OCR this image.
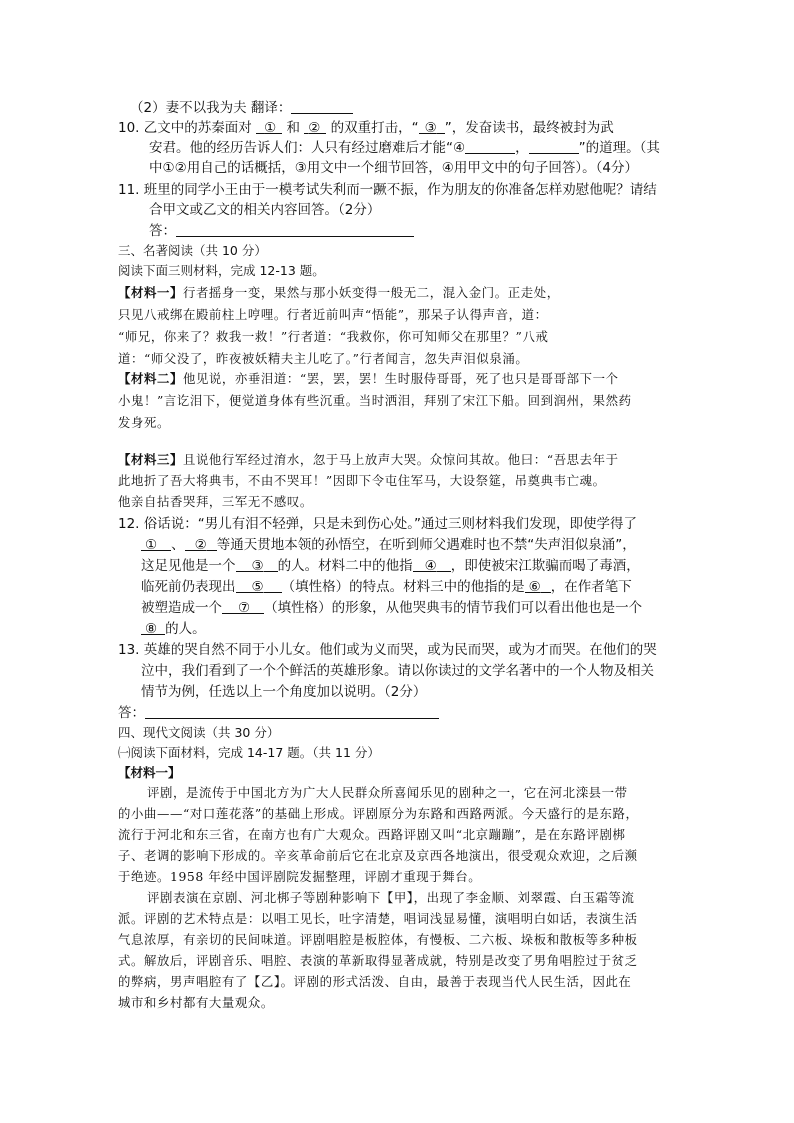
（2）妻不以我为夫 翻译：
10. 乙文中的苏秦面对 ① 和 ② 的双重打击，“ ③ ”，发奋读书，最终被封为武
安君。他的经历告诉人们：人只有经过磨难后才能“④	，	”的道理。（其
中①②用自己的话概括，③用文中一个细节回答，④用甲文中的句子回答）。（4分）
11. 班里的同学小王由于一模考试失利而一蹶不振，作为朋友的你准备怎样劝慰他呢？请结
合甲文或乙文的相关内容回答。（2分）
答：
三、名著阅读（共 10 分）
阅读下面三则材料，完成 12-13 题。
【材料一】行者摇身一变，果然与那小妖变得一般无二，混入金门。正走处，
只见八戒绑在殿前柱上哼哩。行者近前叫声“悟能”，那呆子认得声音，道：
“师兄，你来了？救我一救！”行者道：“我救你，你可知师父在那里？”八戒
道：“师父没了，昨夜被妖精夫主儿吃了。”行者闻言，忽失声泪似泉涌。
【材料二】他见说，亦垂泪道：“罢，罢，罢！生时服侍哥哥，死了也只是哥哥部下一个
小鬼！”言讫泪下，便觉道身体有些沉重。当时洒泪，拜别了宋江下船。回到润州，果然药
发身死。
【材料三】且说他行军经过淯水，忽于马上放声大哭。众惊问其故。他曰：“吾思去年于
此地折了吾大将典韦，不由不哭耳！”因即下令屯住军马，大设祭筵，吊奠典韦亡魂。
他亲自拈香哭拜，三军无不感叹。
12. 俗话说：“男儿有泪不轻弹，只是未到伤心处。”通过三则材料我们发现，即使学得了
① 、 ② 等通天贯地本领的孙悟空，在听到师父遇难时也不禁“失声泪似泉涌”，
这足见他是一个 ③ 的人。材料二中的他指 ④ ，即使被宋江欺骗而喝了毒酒，
临死前仍表现出 ⑤ （填性格）的特点。材料三中的他指的是 ⑥ ，在作者笔下
被塑造成一个 ⑦ （填性格）的形象，从他哭典韦的情节我们可以看出他也是一个
⑧ 的人。
13. 英雄的哭自然不同于小儿女。他们或为义而哭，或为民而哭，或为才而哭。在他们的哭
泣中，我们看到了一个个鲜活的英雄形象。请以你读过的文学名著中的一个人物及相关
情节为例，任选以上一个角度加以说明。（2分）
答：
四、现代文阅读（共 30 分）
㈠阅读下面材料，完成 14-17 题。（共 11 分）
【材料一】
评剧，是流传于中国北方为广大人民群众所喜闻乐见的剧种之一，它在河北滦县一带
的小曲——“对口莲花落”的基础上形成。评剧原分为东路和西路两派。今天盛行的是东路，
流行于河北和东三省，在南方也有广大观众。西路评剧又叫“北京蹦蹦”，是在东路评剧梆
子、老调的影响下形成的。辛亥革命前后它在北京及京西各地演出，很受观众欢迎，之后濒
于绝迹。1958 年经中国评剧院发掘整理，评剧才重现于舞台。
评剧表演在京剧、河北梆子等剧种影响下【甲】，出现了李金顺、刘翠霞、白玉霜等流
派。评剧的艺术特点是：以唱工见长，吐字清楚，唱词浅显易懂，演唱明白如话，表演生活
气息浓厚，有亲切的民间味道。评剧唱腔是板腔体，有慢板、二六板、垛板和散板等多种板
式。解放后，评剧音乐、唱腔、表演的革新取得显著成就，特别是改变了男角唱腔过于贫乏
的弊病，男声唱腔有了【乙】。评剧的形式活泼、自由，最善于表现当代人民生活，因此在
城市和乡村都有大量观众。
